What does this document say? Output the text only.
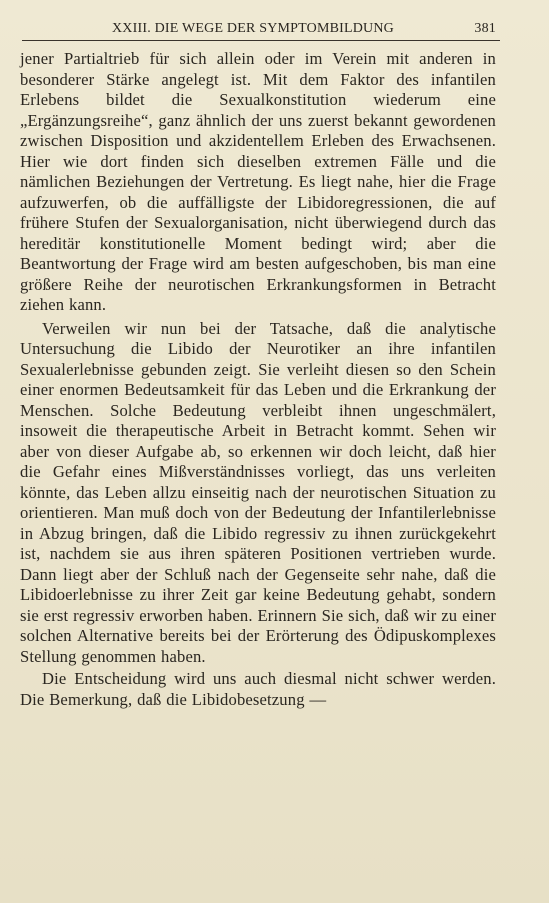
XXIII. DIE WEGE DER SYMPTOMBILDUNG	381

jener Partialtrieb für sich allein oder im Verein mit anderen in besonderer Stärke angelegt ist. Mit dem Faktor des infantilen Erlebens bildet die Sexualkonstitution wiederum eine „Ergänzungsreihe“, ganz ähnlich der uns zuerst bekannt gewordenen zwischen Disposition und akzidentellem Erleben des Erwachsenen. Hier wie dort finden sich dieselben extremen Fälle und die nämlichen Beziehungen der Vertretung. Es liegt nahe, hier die Frage aufzuwerfen, ob die auffälligste der Libidoregressionen, die auf frühere Stufen der Sexualorganisation, nicht überwiegend durch das hereditär konstitutionelle Moment bedingt wird; aber die Beantwortung der Frage wird am besten aufgeschoben, bis man eine größere Reihe der neurotischen Erkrankungsformen in Betracht ziehen kann.

Verweilen wir nun bei der Tatsache, daß die analytische Untersuchung die Libido der Neurotiker an ihre infantilen Sexualerlebnisse gebunden zeigt. Sie verleiht diesen so den Schein einer enormen Bedeutsamkeit für das Leben und die Erkrankung der Menschen. Solche Bedeutung verbleibt ihnen ungeschmälert, insoweit die therapeutische Arbeit in Betracht kommt. Sehen wir aber von dieser Aufgabe ab, so erkennen wir doch leicht, daß hier die Gefahr eines Mißverständnisses vorliegt, das uns verleiten könnte, das Leben allzu einseitig nach der neurotischen Situation zu orientieren. Man muß doch von der Bedeutung der Infantilerlebnisse in Abzug bringen, daß die Libido regressiv zu ihnen zurückgekehrt ist, nachdem sie aus ihren späteren Positionen vertrieben wurde. Dann liegt aber der Schluß nach der Gegenseite sehr nahe, daß die Libidoerlebnisse zu ihrer Zeit gar keine Bedeutung gehabt, sondern sie erst regressiv erworben haben. Erinnern Sie sich, daß wir zu einer solchen Alternative bereits bei der Erörterung des Ödipuskomplexes Stellung genommen haben.

Die Entscheidung wird uns auch diesmal nicht schwer werden. Die Bemerkung, daß die Libidobesetzung —
